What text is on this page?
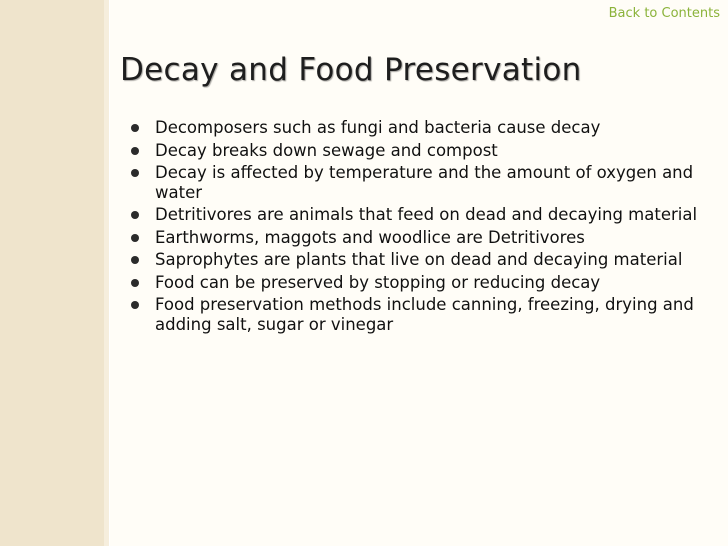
Back to Contents
Decay and Food Preservation
Decomposers such as fungi and bacteria cause decay
Decay breaks down sewage and compost
Decay is affected by temperature and the amount of oxygen and water
Detritivores are animals that feed on dead and decaying material
Earthworms, maggots and woodlice are Detritivores
Saprophytes are plants that live on dead and decaying material
Food can be preserved by stopping or reducing decay
Food preservation methods include canning, freezing, drying and adding salt, sugar or vinegar
